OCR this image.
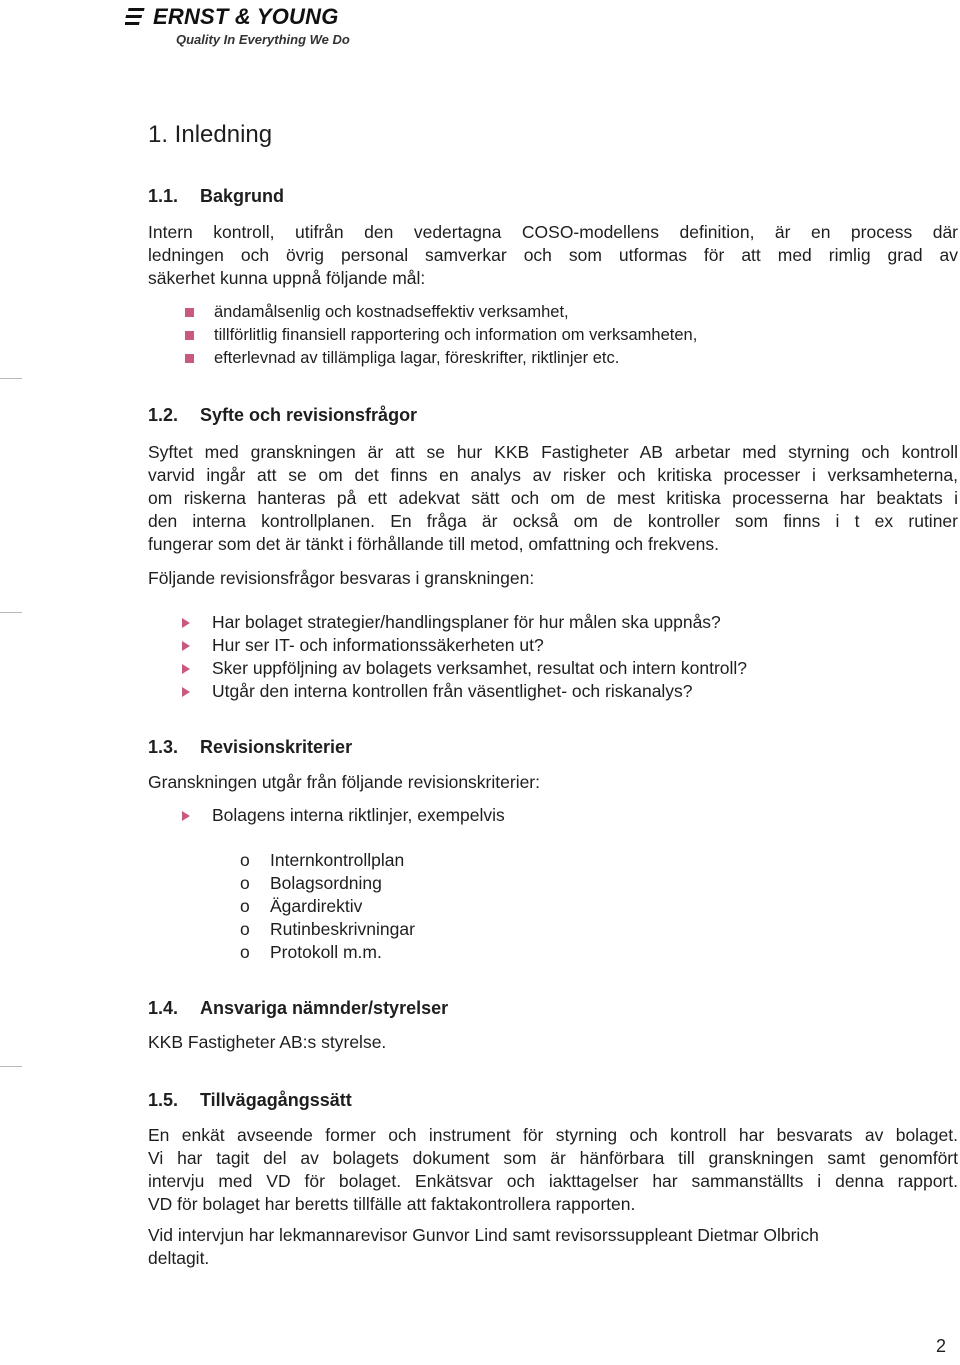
ERNST & YOUNG
Quality In Everything We Do
1. Inledning
1.1. Bakgrund
Intern kontroll, utifrån den vedertagna COSO-modellens definition, är en process där
ledningen och övrig personal samverkar och som utformas för att med rimlig grad av
säkerhet kunna uppnå följande mål:
ändamålsenlig och kostnadseffektiv verksamhet,
tillförlitlig finansiell rapportering och information om verksamheten,
efterlevnad av tillämpliga lagar, föreskrifter, riktlinjer etc.
1.2. Syfte och revisionsfrågor
Syftet med granskningen är att se hur KKB Fastigheter AB arbetar med styrning och kontroll
varvid ingår att se om det finns en analys av risker och kritiska processer i verksamheterna,
om riskerna hanteras på ett adekvat sätt och om de mest kritiska processerna har beaktats i
den interna kontrollplanen. En fråga är också om de kontroller som finns i t ex rutiner
fungerar som det är tänkt i förhållande till metod, omfattning och frekvens.
Följande revisionsfrågor besvaras i granskningen:
Har bolaget strategier/handlingsplaner för hur målen ska uppnås?
Hur ser IT- och informationssäkerheten ut?
Sker uppföljning av bolagets verksamhet, resultat och intern kontroll?
Utgår den interna kontrollen från väsentlighet- och riskanalys?
1.3. Revisionskriterier
Granskningen utgår från följande revisionskriterier:
Bolagens interna riktlinjer, exempelvis
o	Internkontrollplan
o	Bolagsordning
o	Ägardirektiv
o	Rutinbeskrivningar
o	Protokoll m.m.
1.4. Ansvariga nämnder/styrelser
KKB Fastigheter AB:s styrelse.
1.5. Tillvägagångssätt
En enkät avseende former och instrument för styrning och kontroll har besvarats av bolaget.
Vi har tagit del av bolagets dokument som är hänförbara till granskningen samt genomfört
intervju med VD för bolaget. Enkätsvar och iakttagelser har sammanställts i denna rapport.
VD för bolaget har beretts tillfälle att faktakontrollera rapporten.
Vid intervjun har lekmannarevisor Gunvor Lind samt revisorssuppleant Dietmar Olbrich
deltagit.
2
